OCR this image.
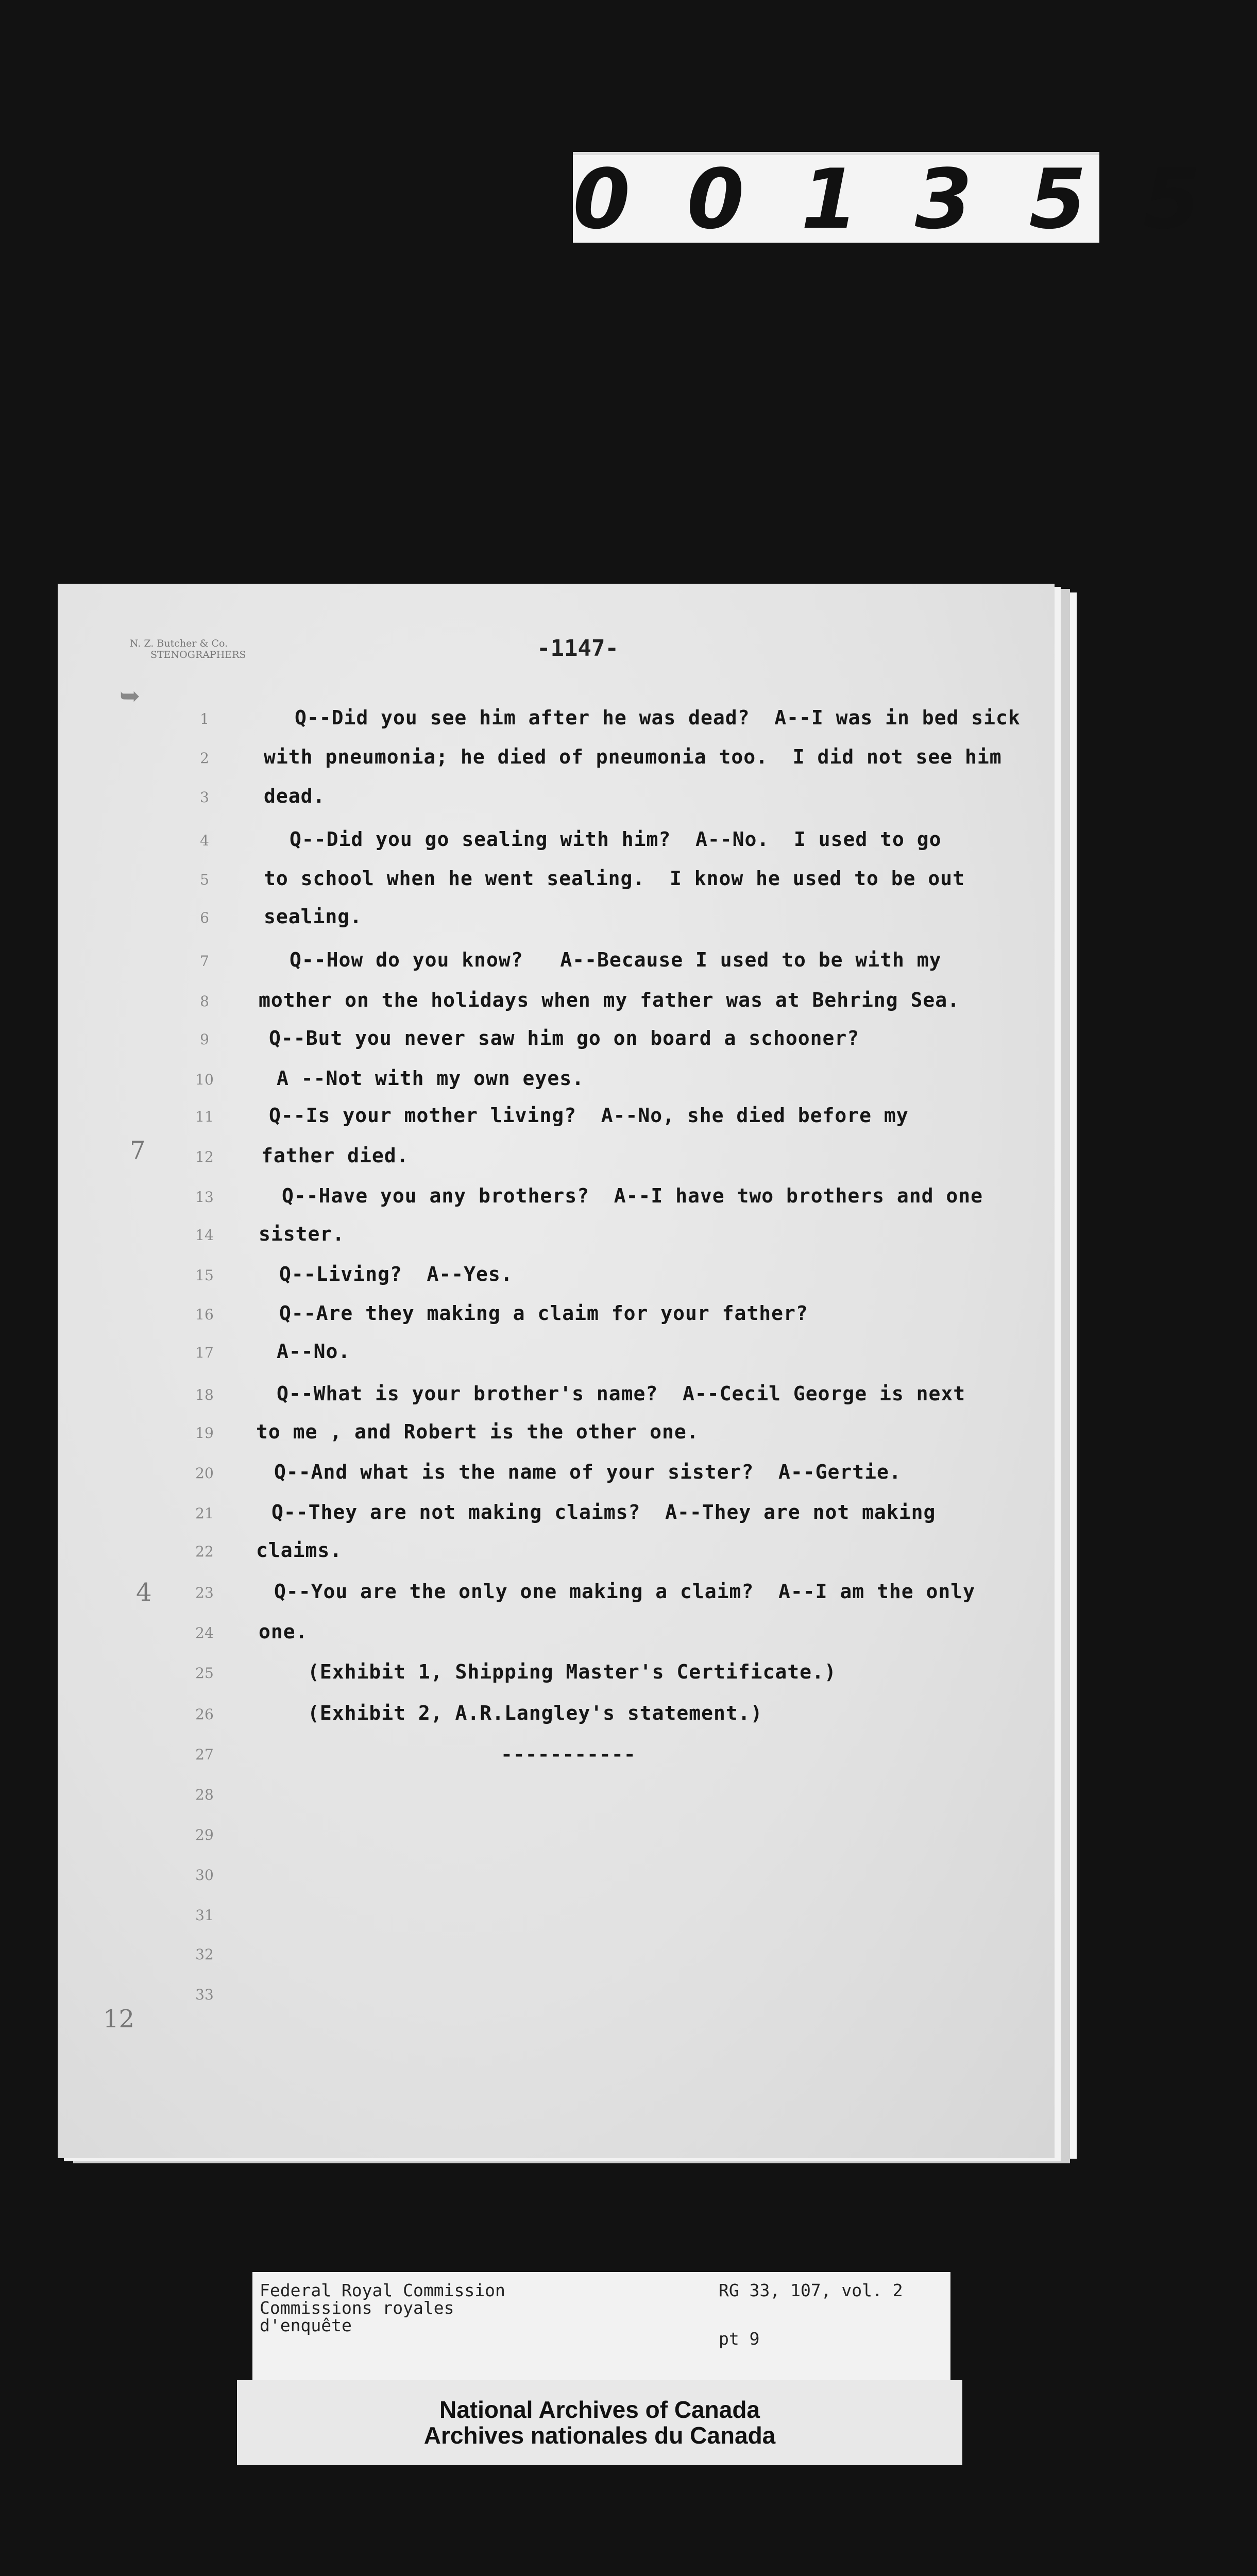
001355
N. Z. Butcher & Co.
STENOGRAPHERS	-1147-
7
4
12
➥
1
2
3
4
5
6
7
8
9
10
11
12
13
14
15
16
17
18
19
20
21
22
23
24
25
26
27
28
29
30
31
32
33
Q--Did you see him after he was dead?  A--I was in bed sick
with pneumonia; he died of pneumonia too.  I did not see him
dead.
Q--Did you go sealing with him?  A--No.  I used to go
to school when he went sealing.  I know he used to be out
sealing.
Q--How do you know?   A--Because I used to be with my
mother on the holidays when my father was at Behring Sea.
Q--But you never saw him go on board a schooner?
A --Not with my own eyes.
Q--Is your mother living?  A--No, she died before my
father died.
Q--Have you any brothers?  A--I have two brothers and one
sister.
Q--Living?  A--Yes.
Q--Are they making a claim for your father?
A--No.
Q--What is your brother's name?  A--Cecil George is next
to me , and Robert is the other one.
Q--And what is the name of your sister?  A--Gertie.
Q--They are not making claims?  A--They are not making
claims.
Q--You are the only one making a claim?  A--I am the only
one.
(Exhibit 1, Shipping Master's Certificate.)
(Exhibit 2, A.R.Langley's statement.)
-----------
Federal Royal Commission
Commissions royales
d'enquête
RG 33, 107, vol. 2
pt 9
National Archives of Canada
Archives nationales du Canada
